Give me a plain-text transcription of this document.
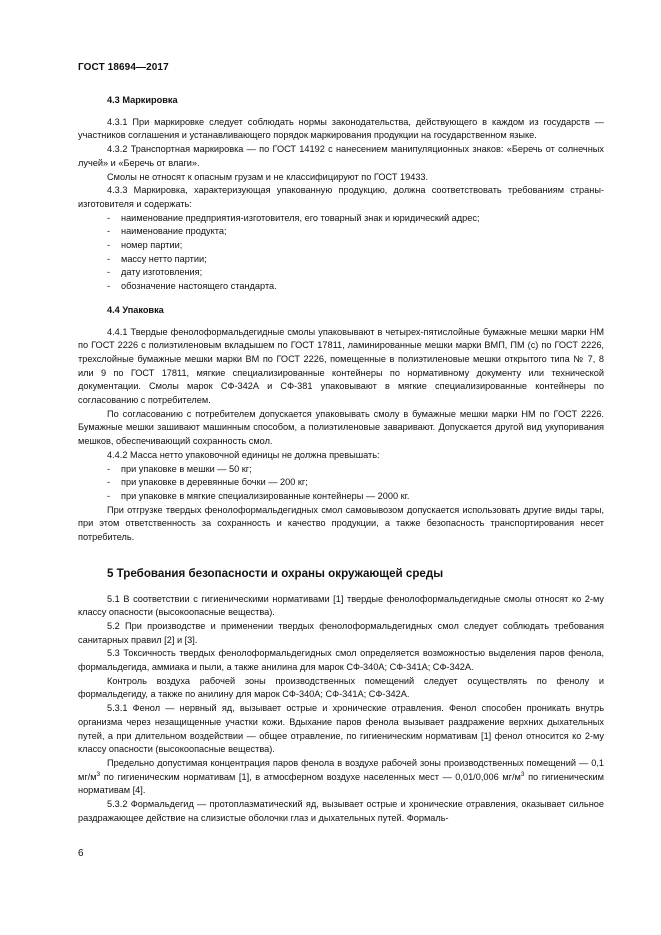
ГОСТ 18694—2017
4.3 Маркировка

4.3.1 При маркировке следует соблюдать нормы законодательства, действующего в каждом из государств — участников соглашения и устанавливающего порядок маркирования продукции на государственном языке.

4.3.2 Транспортная маркировка — по ГОСТ 14192 с нанесением манипуляционных знаков: «Беречь от солнечных лучей» и «Беречь от влаги».

Смолы не относят к опасным грузам и не классифицируют по ГОСТ 19433.

4.3.3 Маркировка, характеризующая упакованную продукцию, должна соответствовать требованиям страны-изготовителя и содержать:

- наименование предприятия-изготовителя, его товарный знак и юридический адрес;

- наименование продукта;

- номер партии;

- массу нетто партии;

- дату изготовления;

- обозначение настоящего стандарта.

4.4 Упаковка

4.4.1 Твердые фенолоформальдегидные смолы упаковывают в четырех-пятислойные бумажные мешки марки НМ по ГОСТ 2226 с полиэтиленовым вкладышем по ГОСТ 17811, ламинированные мешки марки ВМП, ПМ (с) по ГОСТ 2226, трехслойные бумажные мешки марки ВМ по ГОСТ 2226, помещенные в полиэтиленовые мешки открытого типа № 7, 8 или 9 по ГОСТ 17811, мягкие специализированные контейнеры по нормативному документу или технической документации. Смолы марок СФ-342А и СФ-381 упаковывают в мягкие специализированные контейнеры по согласованию с потребителем.

По согласованию с потребителем допускается упаковывать смолу в бумажные мешки марки НМ по ГОСТ 2226. Бумажные мешки зашивают машинным способом, а полиэтиленовые заваривают. Допускается другой вид укупоривания мешков, обеспечивающий сохранность смол.

4.4.2 Масса нетто упаковочной единицы не должна превышать:

- при упаковке в мешки — 50 кг;

- при упаковке в деревянные бочки — 200 кг;

- при упаковке в мягкие специализированные контейнеры — 2000 кг.

При отгрузке твердых фенолоформальдегидных смол самовывозом допускается использовать другие виды тары, при этом ответственность за сохранность и качество продукции, а также безопасность транспортирования несет потребитель.

5 Требования безопасности и охраны окружающей среды

5.1 В соответствии с гигиеническими нормативами [1] твердые фенолоформальдегидные смолы относят ко 2-му классу опасности (высокоопасные вещества).

5.2 При производстве и применении твердых фенолоформальдегидных смол следует соблюдать требования санитарных правил [2] и [3].

5.3 Токсичность твердых фенолоформальдегидных смол определяется возможностью выделения паров фенола, формальдегида, аммиака и пыли, а также анилина для марок СФ-340А; СФ-341А; СФ-342А.

Контроль воздуха рабочей зоны производственных помещений следует осуществлять по фенолу и формальдегиду, а также по анилину для марок СФ-340А; СФ-341А; СФ-342А.

5.3.1 Фенол — нервный яд, вызывает острые и хронические отравления. Фенол способен проникать внутрь организма через незащищенные участки кожи. Вдыхание паров фенола вызывает раздражение верхних дыхательных путей, а при длительном воздействии — общее отравление, по гигиеническим нормативам [1] фенол относится ко 2-му классу опасности (высокоопасные вещества).

Предельно допустимая концентрация паров фенола в воздухе рабочей зоны производственных помещений — 0,1 $мг/м^3$ по гигиеническим нормативам [1], в атмосферном воздухе населенных мест — 0,01/0,006 $мг/м^3$ по гигиеническим нормативам [4].

5.3.2 Формальдегид — протоплазматический яд, вызывает острые и хронические отравления, оказывает сильное раздражающее действие на слизистые оболочки глаз и дыхательных путей. Формаль-

6
